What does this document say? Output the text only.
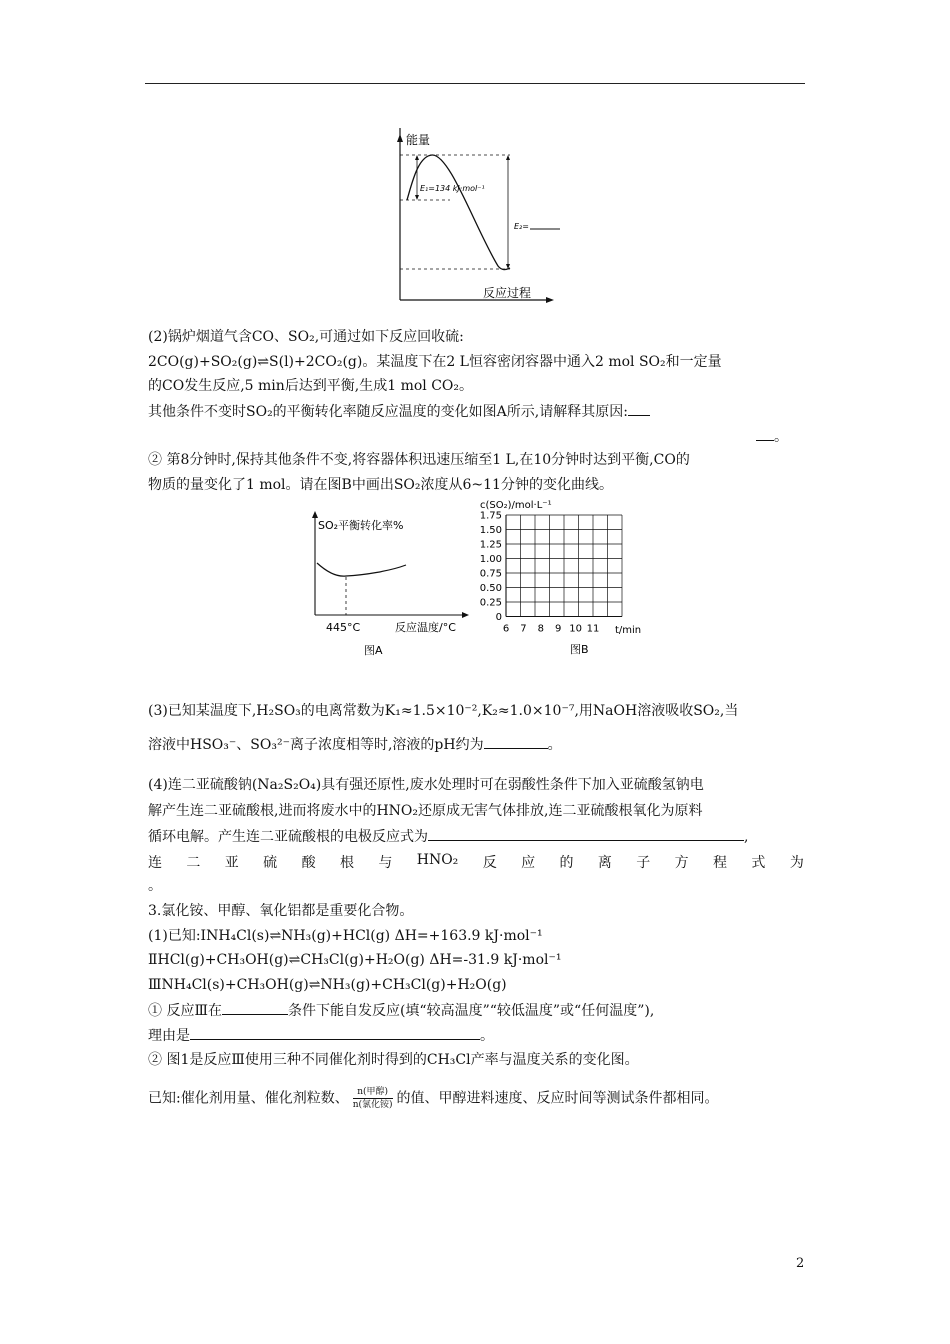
能量
反应过程
E₁=134 kJ·mol⁻¹
E₂=
(2)锅炉烟道气含CO、SO₂,可通过如下反应回收硫:
2CO(g)+SO₂(g)⇌S(l)+2CO₂(g)。某温度下在2 L恒容密闭容器中通入2 mol SO₂和一定量
的CO发生反应,5 min后达到平衡,生成1 mol CO₂。
其他条件不变时SO₂的平衡转化率随反应温度的变化如图A所示,请解释其原因:
。
② 第8分钟时,保持其他条件不变,将容器体积迅速压缩至1 L,在10分钟时达到平衡,CO的
物质的量变化了1 mol。请在图B中画出SO₂浓度从6~11分钟的变化曲线。
SO₂平衡转化率%
445°C	反应温度/°C
图A
c(SO₂)/mol·L⁻¹
t/min
图B
1.75
1.50
1.25
1.00
0.75
0.50
0.25
0
6 7 8 9 10 11
(3)已知某温度下,H₂SO₃的电离常数为K₁≈1.5×10⁻²,K₂≈1.0×10⁻⁷,用NaOH溶液吸收SO₂,当
溶液中HSO₃⁻、SO₃²⁻离子浓度相等时,溶液的pH约为	。
(4)连二亚硫酸钠(Na₂S₂O₄)具有强还原性,废水处理时可在弱酸性条件下加入亚硫酸氢钠电
解产生连二亚硫酸根,进而将废水中的HNO₂还原成无害气体排放,连二亚硫酸根氧化为原料
循环电解。产生连二亚硫酸根的电极反应式为	,
连 二 亚 硫 酸 根 与 HNO₂ 反 应 的 离 子 方 程 式 为
。
3.氯化铵、甲醇、氧化铝都是重要化合物。
(1)已知:ⅠNH₄Cl(s)⇌NH₃(g)+HCl(g) ΔH=+163.9 kJ·mol⁻¹
ⅡHCl(g)+CH₃OH(g)⇌CH₃Cl(g)+H₂O(g) ΔH=-31.9 kJ·mol⁻¹
ⅢNH₄Cl(s)+CH₃OH(g)⇌NH₃(g)+CH₃Cl(g)+H₂O(g)
① 反应Ⅲ在	条件下能自发反应(填“较高温度”“较低温度”或“任何温度”),
理由是	。
② 图1是反应Ⅲ使用三种不同催化剂时得到的CH₃Cl产率与温度关系的变化图。
已知:催化剂用量、催化剂粒数、 $\frac{\text{n(甲醇)}}{\text{n(氯化铵)}}$ 的值、甲醇进料速度、反应时间等测试条件都相同。
2
